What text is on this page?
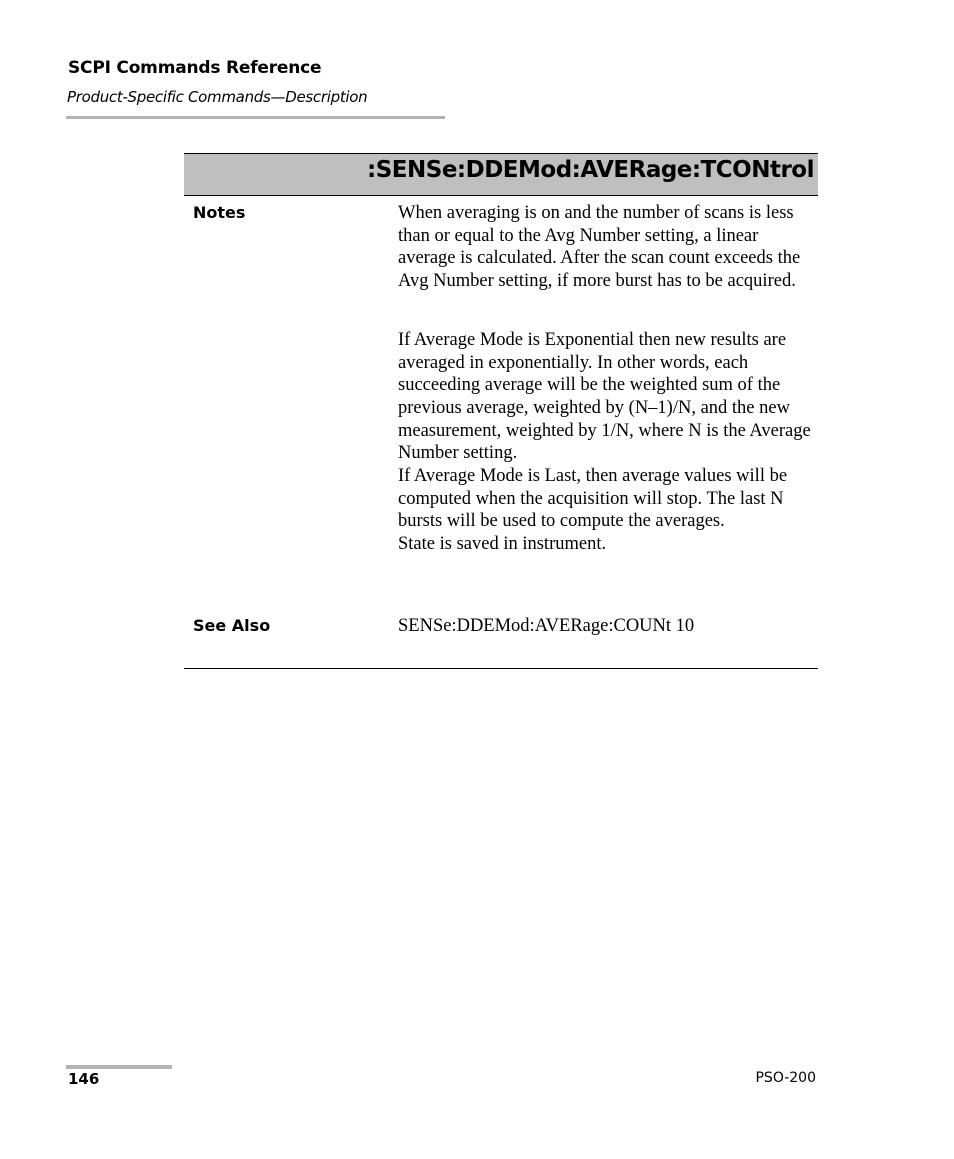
SCPI Commands Reference
Product-Specific Commands—Description
:SENSe:DDEMod:AVERage:TCONtrol
Notes	When averaging is on and the number of scans is less than or equal to the Avg Number setting, a linear average is calculated. After the scan count exceeds the Avg Number setting, if more burst has to be acquired.

If Average Mode is Exponential then new results are averaged in exponentially. In other words, each succeeding average will be the weighted sum of the previous average, weighted by (N–1)/N, and the new measurement, weighted by 1/N, where N is the Average Number setting.

If Average Mode is Last, then average values will be computed when the acquisition will stop. The last N bursts will be used to compute the averages.

State is saved in instrument.

See Also	SENSe:DDEMod:AVERage:COUNt 10
146	PSO-200
